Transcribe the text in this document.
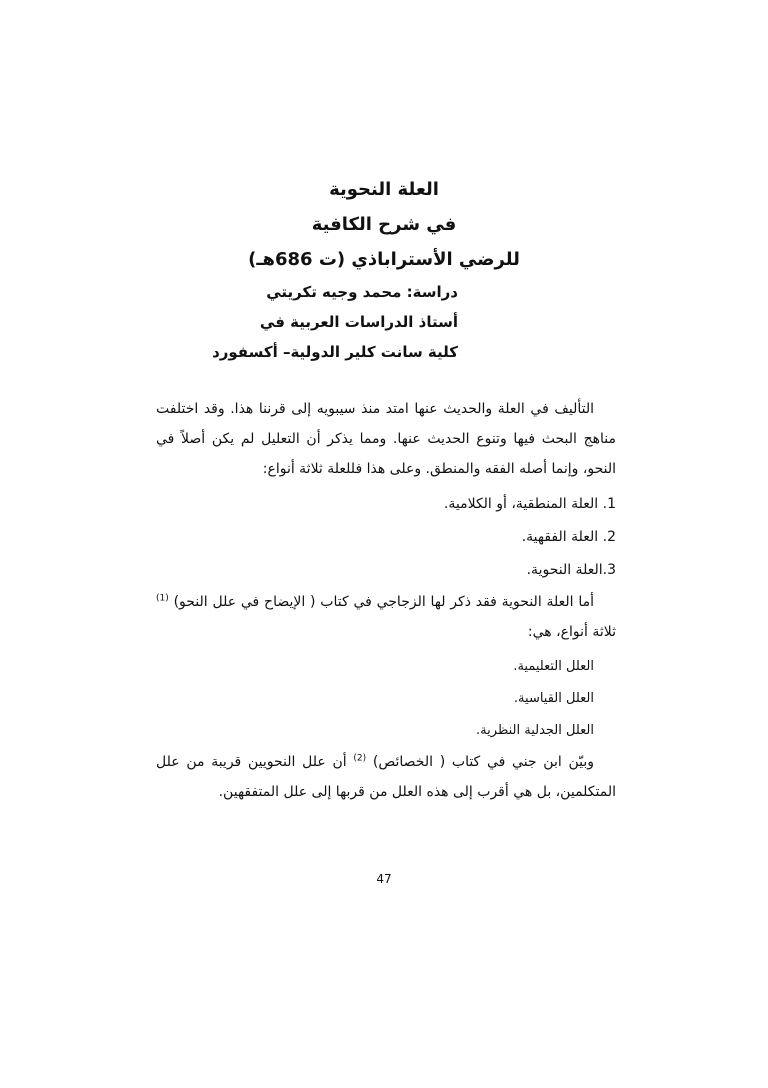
العلة النحوية
في شرح الكافية
للرضي الأستراباذي (ت 686هـ)
دراسة: محمد وجيه تكريتي
أستاذ الدراسات العربية في
كلية سانت كلير الدولية– أكسفورد

التأليف في العلة والحديث عنها امتد منذ سيبويه إلى قرننا هذا. وقد اختلفت مناهج البحث فيها وتنوع الحديث عنها. ومما يذكر أن التعليل لم يكن أصلاً في النحو، وإنما أصله الفقه والمنطق. وعلى هذا فللعلة ثلاثة أنواع:

1. العلة المنطقية، أو الكلامية.
2. العلة الفقهية.
3.العلة النحوية.

أما العلة النحوية فقد ذكر لها الزجاجي في كتاب ( الإيضاح في علل النحو) $^{(1)}$ ثلاثة أنواع، هي:

العلل التعليمية.
العلل القياسية.
العلل الجدلية النظرية.

وبيّن ابن جني في كتاب ( الخصائص) $^{(2)}$ أن علل النحويين قريبة من علل المتكلمين، بل هي أقرب إلى هذه العلل من قربها إلى علل المتفقهين.

47
